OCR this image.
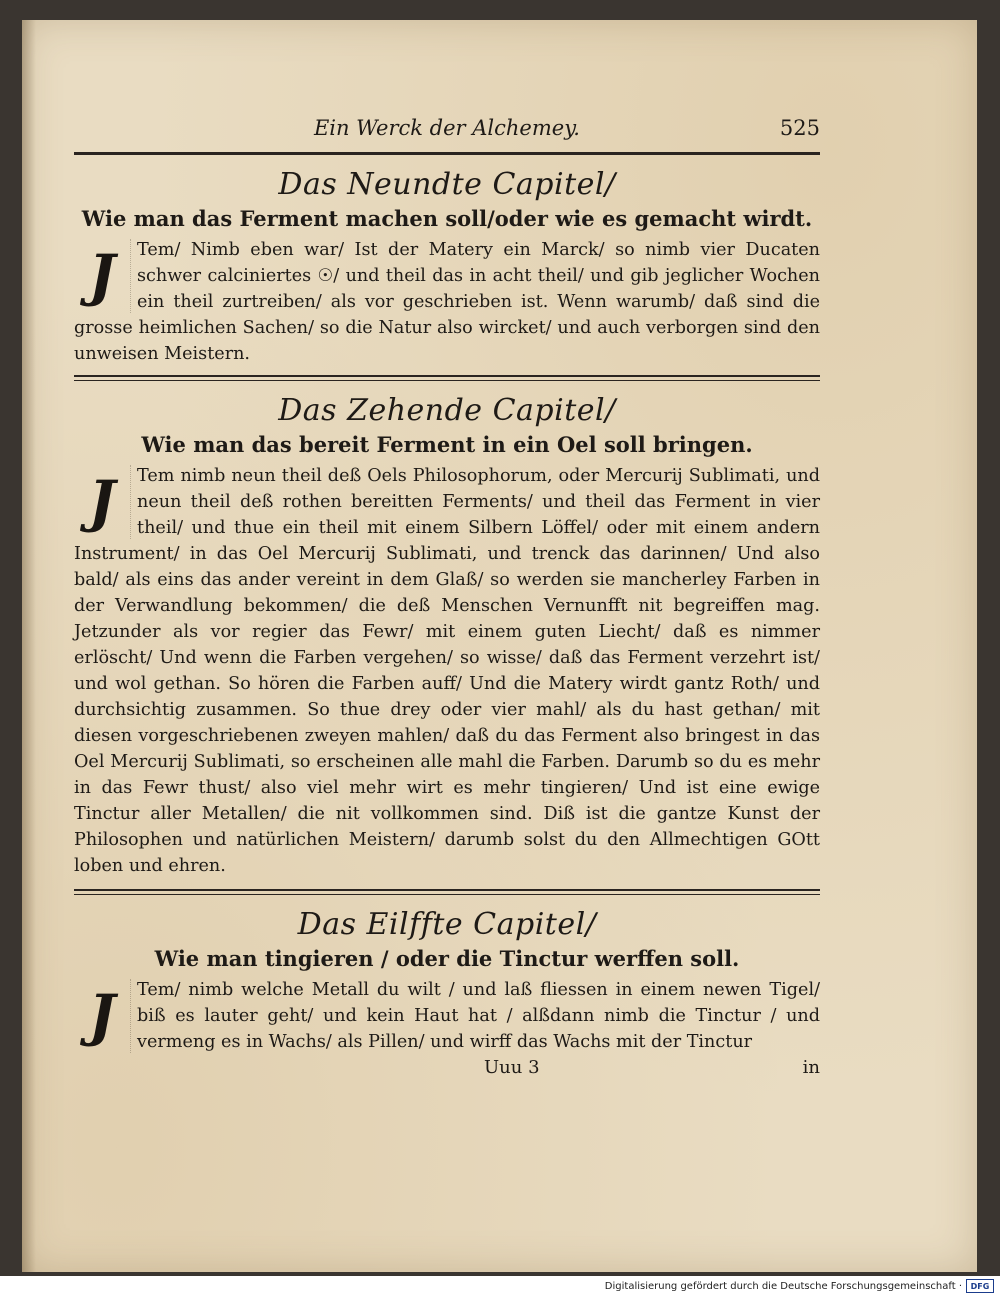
Ein Werck der Alchemey.	525
Das Neundte Capitel/
Wie man das Ferment machen soll/oder wie es gemacht wirdt.

J	Tem/ Nimb eben war/ Ist der Matery ein Marck/ so nimb vier Ducaten schwer calciniertes ☉/ und theil das in acht theil/ und gib jeglicher Wochen ein theil zurtreiben/ als vor geschrieben ist. Wenn warumb/ daß sind die grosse heimlichen Sachen/ so die Natur also wircket/ und auch verborgen sind den unweisen Meistern.

Das Zehende Capitel/
Wie man das bereit Ferment in ein Oel soll bringen.

J	Tem nimb neun theil deß Oels Philosophorum, oder Mercurij Sublimati, und neun theil deß rothen bereitten Ferments/ und theil das Ferment in vier theil/ und thue ein theil mit einem Silbern Löffel/ oder mit einem andern Instrument/ in das Oel Mercurij Sublimati, und trenck das darinnen/ Und also bald/ als eins das ander vereint in dem Glaß/ so werden sie mancherley Farben in der Verwandlung bekommen/ die deß Menschen Vernunfft nit begreiffen mag. Jetzunder als vor regier das Fewr/ mit einem guten Liecht/ daß es nimmer erlöscht/ Und wenn die Farben vergehen/ so wisse/ daß das Ferment verzehrt ist/ und wol gethan. So hören die Farben auff/ Und die Matery wirdt gantz Roth/ und durchsichtig zusammen. So thue drey oder vier mahl/ als du hast gethan/ mit diesen vorgeschriebenen zweyen mahlen/ daß du das Ferment also bringest in das Oel Mercurij Sublimati, so erscheinen alle mahl die Farben. Darumb so du es mehr in das Fewr thust/ also viel mehr wirt es mehr tingieren/ Und ist eine ewige Tinctur aller Metallen/ die nit vollkommen sind. Diß ist die gantze Kunst der Philosophen und natürlichen Meistern/ darumb solst du den Allmechtigen GOtt loben und ehren.

Das Eilffte Capitel/
Wie man tingieren / oder die Tinctur werffen soll.

J	Tem/ nimb welche Metall du wilt / und laß fliessen in einem newen Tigel/ biß es lauter geht/ und kein Haut hat / alßdann nimb die Tinctur / und vermeng es in Wachs/ als Pillen/ und wirff das Wachs mit der Tinctur

Uuu 3	in
Digitalisierung gefördert durch die Deutsche Forschungsgemeinschaft ·	DFG
